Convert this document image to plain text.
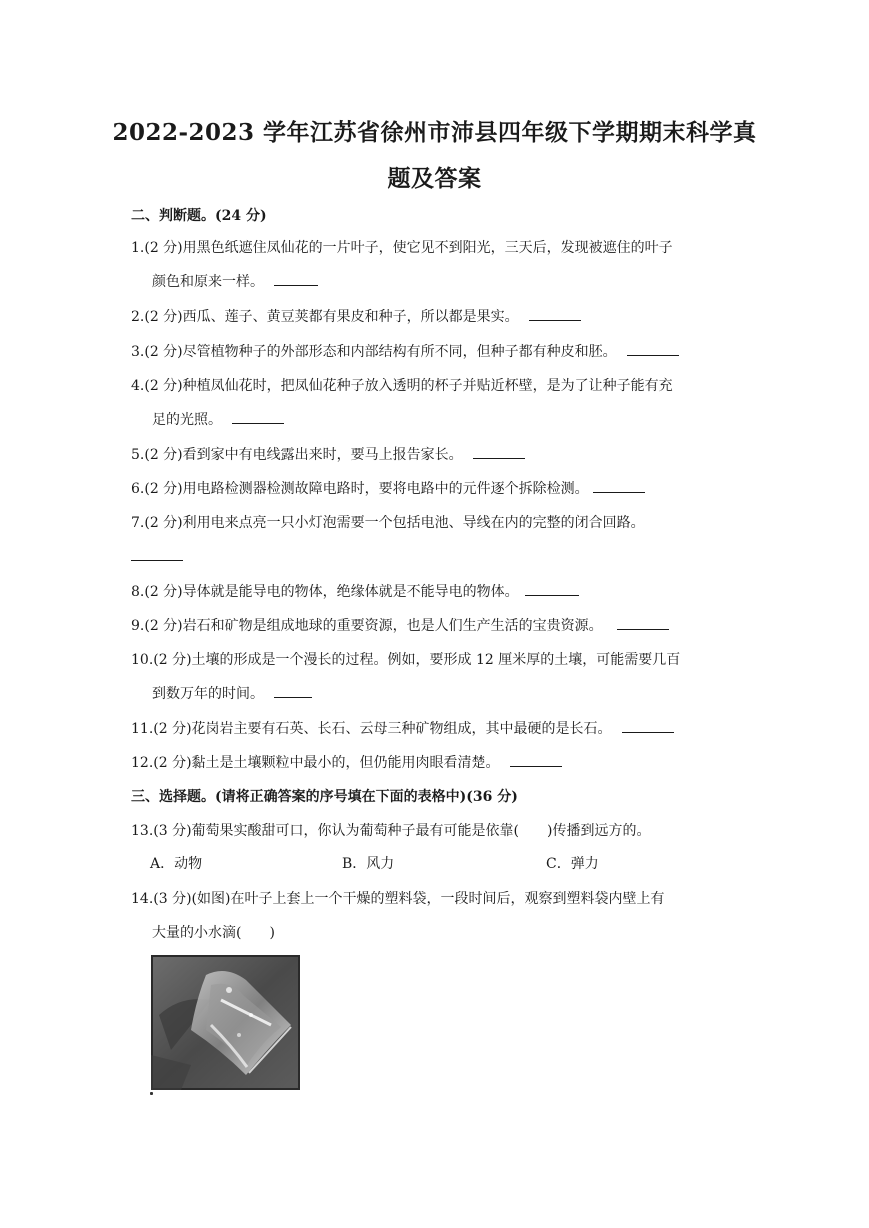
2022-2023 学年江苏省徐州市沛县四年级下学期期末科学真
题及答案
二、判断题。(24 分)
1.(2 分)用黑色纸遮住凤仙花的一片叶子，使它见不到阳光，三天后，发现被遮住的叶子
颜色和原来一样。
2.(2 分)西瓜、莲子、黄豆荚都有果皮和种子，所以都是果实。
3.(2 分)尽管植物种子的外部形态和内部结构有所不同，但种子都有种皮和胚。
4.(2 分)种植凤仙花时，把凤仙花种子放入透明的杯子并贴近杯壁，是为了让种子能有充
足的光照。
5.(2 分)看到家中有电线露出来时，要马上报告家长。
6.(2 分)用电路检测器检测故障电路时，要将电路中的元件逐个拆除检测。
7.(2 分)利用电来点亮一只小灯泡需要一个包括电池、导线在内的完整的闭合回路。
8.(2 分)导体就是能导电的物体，绝缘体就是不能导电的物体。
9.(2 分)岩石和矿物是组成地球的重要资源，也是人们生产生活的宝贵资源。
10.(2 分)土壤的形成是一个漫长的过程。例如，要形成 12 厘米厚的土壤，可能需要几百
到数万年的时间。
11.(2 分)花岗岩主要有石英、长石、云母三种矿物组成，其中最硬的是长石。
12.(2 分)黏土是土壤颗粒中最小的，但仍能用肉眼看清楚。
三、选择题。(请将正确答案的序号填在下面的表格中)(36 分)
13.(3 分)葡萄果实酸甜可口，你认为葡萄种子最有可能是依靠(　　)传播到远方的。
A．动物	B．风力	C．弹力
14.(3 分)(如图)在叶子上套上一个干燥的塑料袋，一段时间后，观察到塑料袋内壁上有
大量的小水滴(　　)
